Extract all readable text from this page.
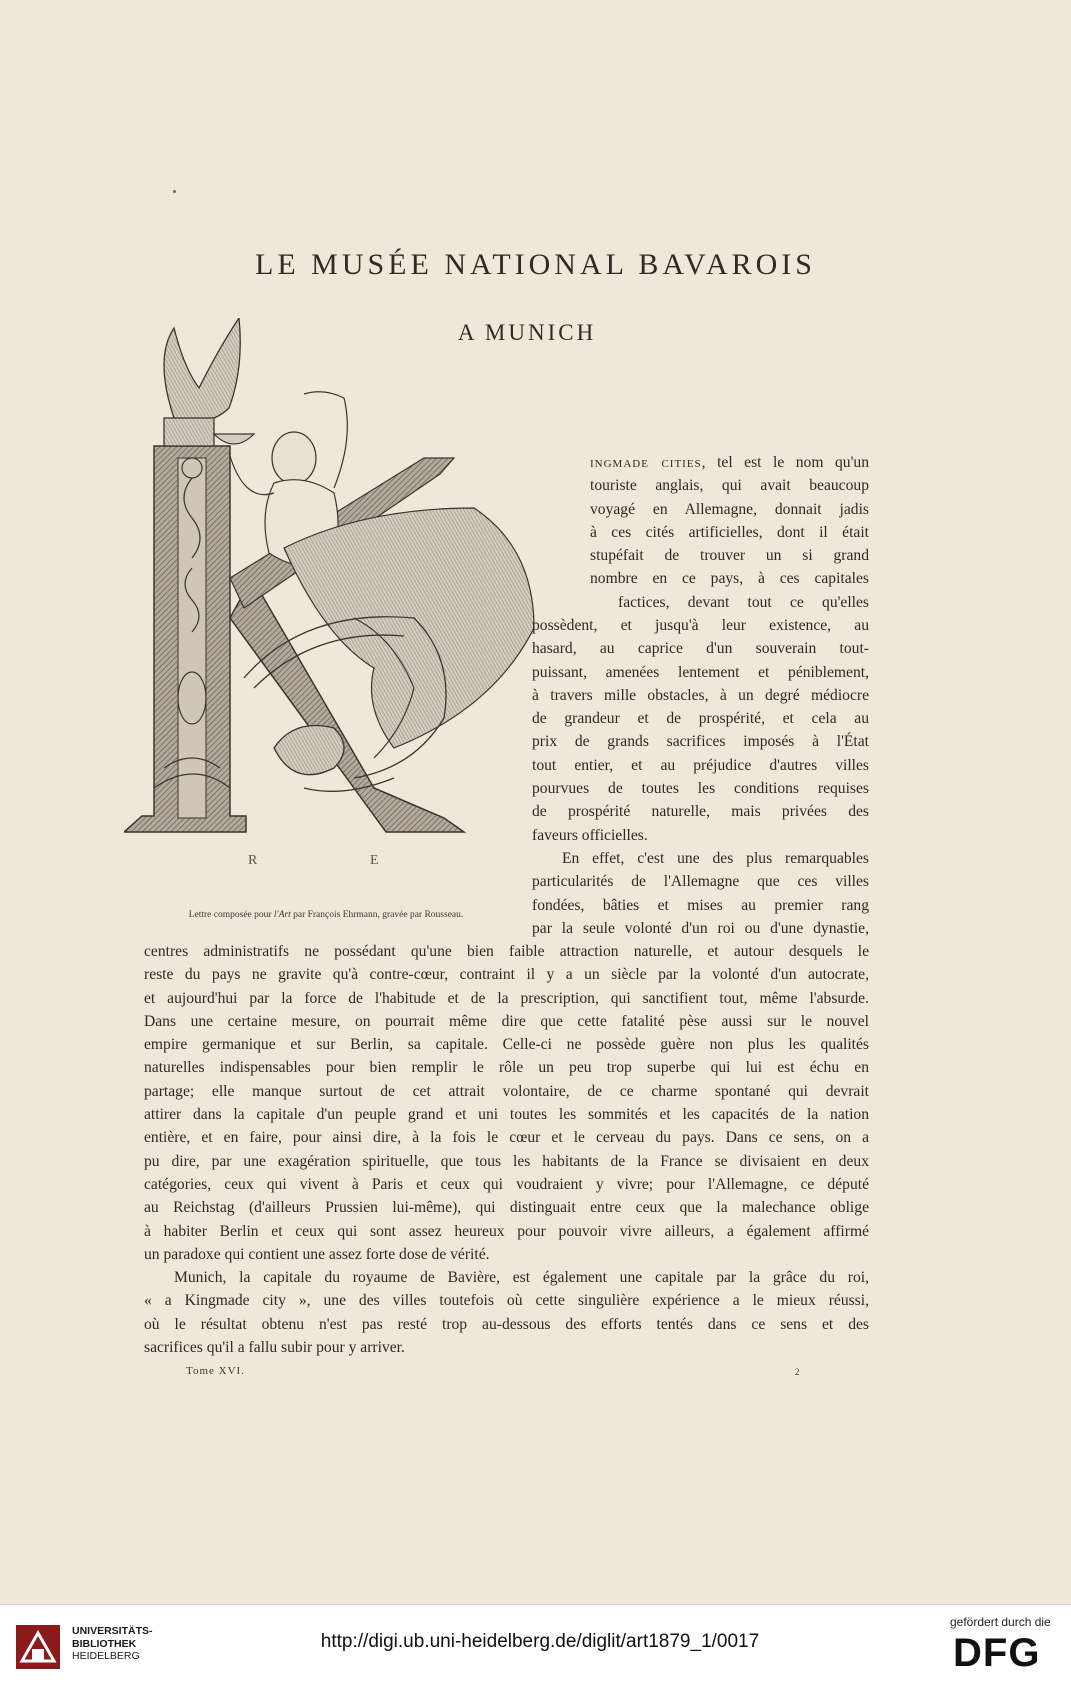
LE MUSÉE NATIONAL BAVAROIS
A MUNICH
R	E
Lettre composée pour l'Art par François Ehrmann, gravée par Rousseau.
ingmade cities, tel est le nom qu'un
touriste anglais, qui avait beaucoup
voyagé en Allemagne, donnait jadis
à ces cités artificielles, dont il était
stupéfait de trouver un si grand
nombre en ce pays, à ces capitales
factices, devant tout ce qu'elles
possèdent, et jusqu'à leur existence, au
hasard, au caprice d'un souverain tout-
puissant, amenées lentement et péniblement,
à travers mille obstacles, à un degré médiocre
de grandeur et de prospérité, et cela au
prix de grands sacrifices imposés à l'État
tout entier, et au préjudice d'autres villes
pourvues de toutes les conditions requises
de prospérité naturelle, mais privées des
faveurs officielles.
En effet, c'est une des plus remarquables
particularités de l'Allemagne que ces villes
fondées, bâties et mises au premier rang
par la seule volonté d'un roi ou d'une dynastie,
centres administratifs ne possédant qu'une bien faible attraction naturelle, et autour desquels le
reste du pays ne gravite qu'à contre-cœur, contraint il y a un siècle par la volonté d'un autocrate,
et aujourd'hui par la force de l'habitude et de la prescription, qui sanctifient tout, même l'absurde.
Dans une certaine mesure, on pourrait même dire que cette fatalité pèse aussi sur le nouvel
empire germanique et sur Berlin, sa capitale. Celle-ci ne possède guère non plus les qualités
naturelles indispensables pour bien remplir le rôle un peu trop superbe qui lui est échu en
partage; elle manque surtout de cet attrait volontaire, de ce charme spontané qui devrait
attirer dans la capitale d'un peuple grand et uni toutes les sommités et les capacités de la nation
entière, et en faire, pour ainsi dire, à la fois le cœur et le cerveau du pays. Dans ce sens, on a
pu dire, par une exagération spirituelle, que tous les habitants de la France se divisaient en deux
catégories, ceux qui vivent à Paris et ceux qui voudraient y vivre; pour l'Allemagne, ce député
au Reichstag (d'ailleurs Prussien lui-même), qui distinguait entre ceux que la malechance oblige
à habiter Berlin et ceux qui sont assez heureux pour pouvoir vivre ailleurs, a également affirmé
un paradoxe qui contient une assez forte dose de vérité.
Munich, la capitale du royaume de Bavière, est également une capitale par la grâce du roi,
« a Kingmade city », une des villes toutefois où cette singulière expérience a le mieux réussi,
où le résultat obtenu n'est pas resté trop au-dessous des efforts tentés dans ce sens et des
sacrifices qu'il a fallu subir pour y arriver.
Tome XVI.	2
UNIVERSITÄTS-
BIBLIOTHEK
HEIDELBERG
http://digi.ub.uni-heidelberg.de/diglit/art1879_1/0017
gefördert durch die
DFG
